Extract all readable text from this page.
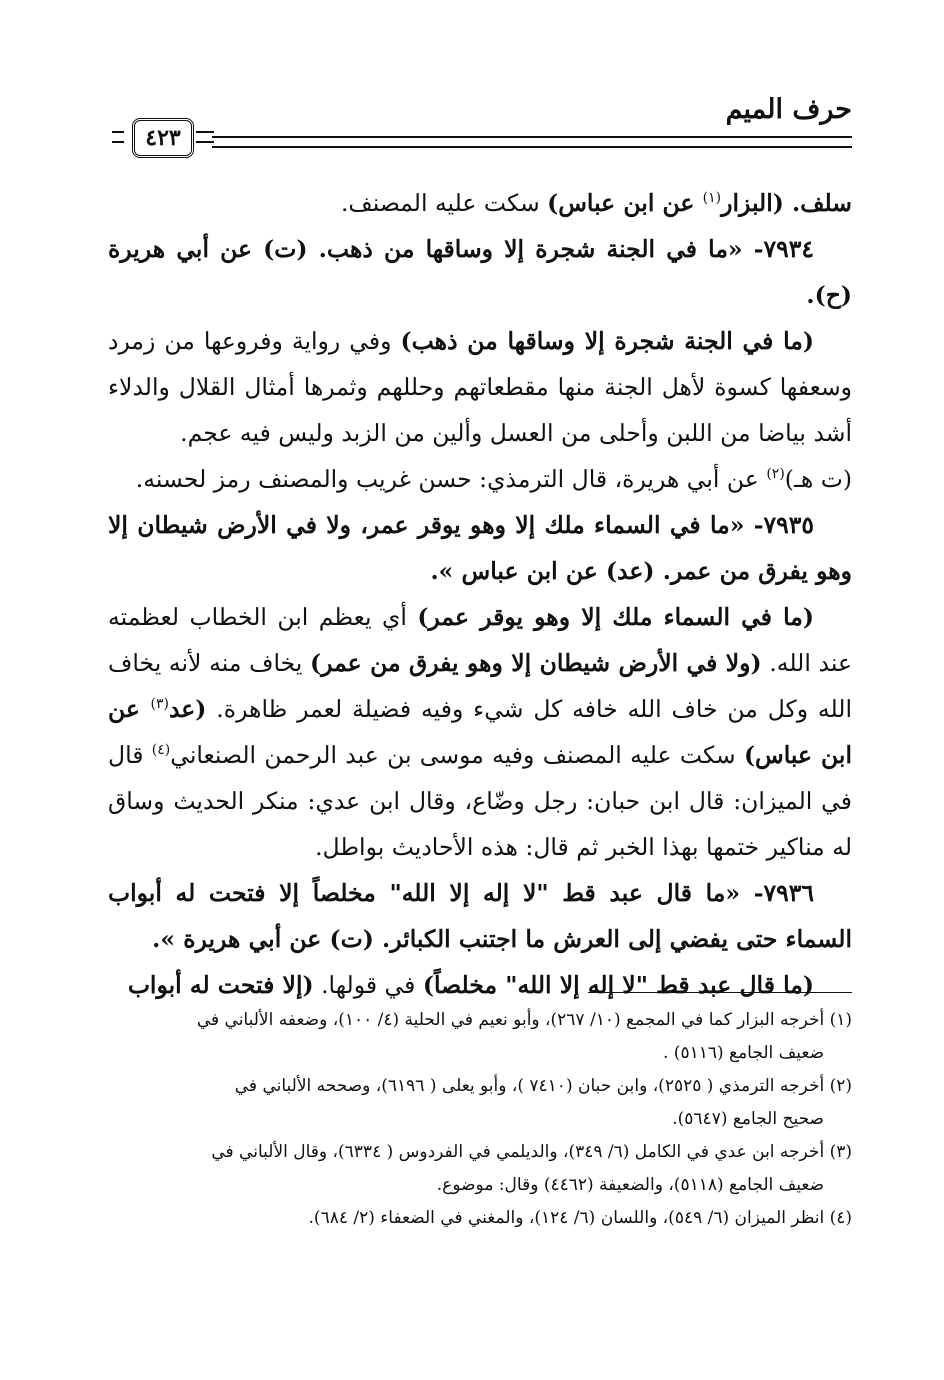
حرف الميم
٤٢٣

سلف. (البزار$^{(١)}$ عن ابن عباس) سكت عليه المصنف.

٧٩٣٤- «ما في الجنة شجرة إلا وساقها من ذهب. (ت) عن أبي هريرة (ح).

(ما في الجنة شجرة إلا وساقها من ذهب) وفي رواية وفروعها من زمرد وسعفها كسوة لأهل الجنة منها مقطعاتهم وحللهم وثمرها أمثال القلال والدلاء أشد بياضا من اللبن وأحلى من العسل وألين من الزبد وليس فيه عجم.

(ت هـ)$^{(٢)}$ عن أبي هريرة، قال الترمذي: حسن غريب والمصنف رمز لحسنه.

٧٩٣٥- «ما في السماء ملك إلا وهو يوقر عمر، ولا في الأرض شيطان إلا وهو يفرق من عمر. (عد) عن ابن عباس ».

(ما في السماء ملك إلا وهو يوقر عمر) أي يعظم ابن الخطاب لعظمته عند الله. (ولا في الأرض شيطان إلا وهو يفرق من عمر) يخاف منه لأنه يخاف الله وكل من خاف الله خافه كل شيء وفيه فضيلة لعمر ظاهرة. (عد$^{(٣)}$ عن ابن عباس) سكت عليه المصنف وفيه موسى بن عبد الرحمن الصنعاني$^{(٤)}$ قال في الميزان: قال ابن حبان: رجل وضّاع، وقال ابن عدي: منكر الحديث وساق له مناكير ختمها بهذا الخبر ثم قال: هذه الأحاديث بواطل.

٧٩٣٦- «ما قال عبد قط "لا إله إلا الله" مخلصاً إلا فتحت له أبواب السماء حتى يفضي إلى العرش ما اجتنب الكبائر. (ت) عن أبي هريرة ».

(ما قال عبد قط "لا إله إلا الله" مخلصاً) في قولها. (إلا فتحت له أبواب

(١) أخرجه البزار كما في المجمع (١٠/ ٢٦٧)، وأبو نعيم في الحلية (٤/ ١٠٠)، وضعفه الألباني في

ضعيف الجامع (٥١١٦) .

(٢) أخرجه الترمذي ( ٢٥٢٥)، وابن حبان (٧٤١٠ )، وأبو يعلى ( ٦١٩٦)، وصححه الألباني في

صحيح الجامع (٥٦٤٧).

(٣) أخرجه ابن عدي في الكامل (٦/ ٣٤٩)، والديلمي في الفردوس ( ٦٣٣٤)، وقال الألباني في

ضعيف الجامع (٥١١٨)، والضعيفة (٤٤٦٢) وقال: موضوع.

(٤) انظر الميزان (٦/ ٥٤٩)، واللسان (٦/ ١٢٤)، والمغني في الضعفاء (٢/ ٦٨٤).
